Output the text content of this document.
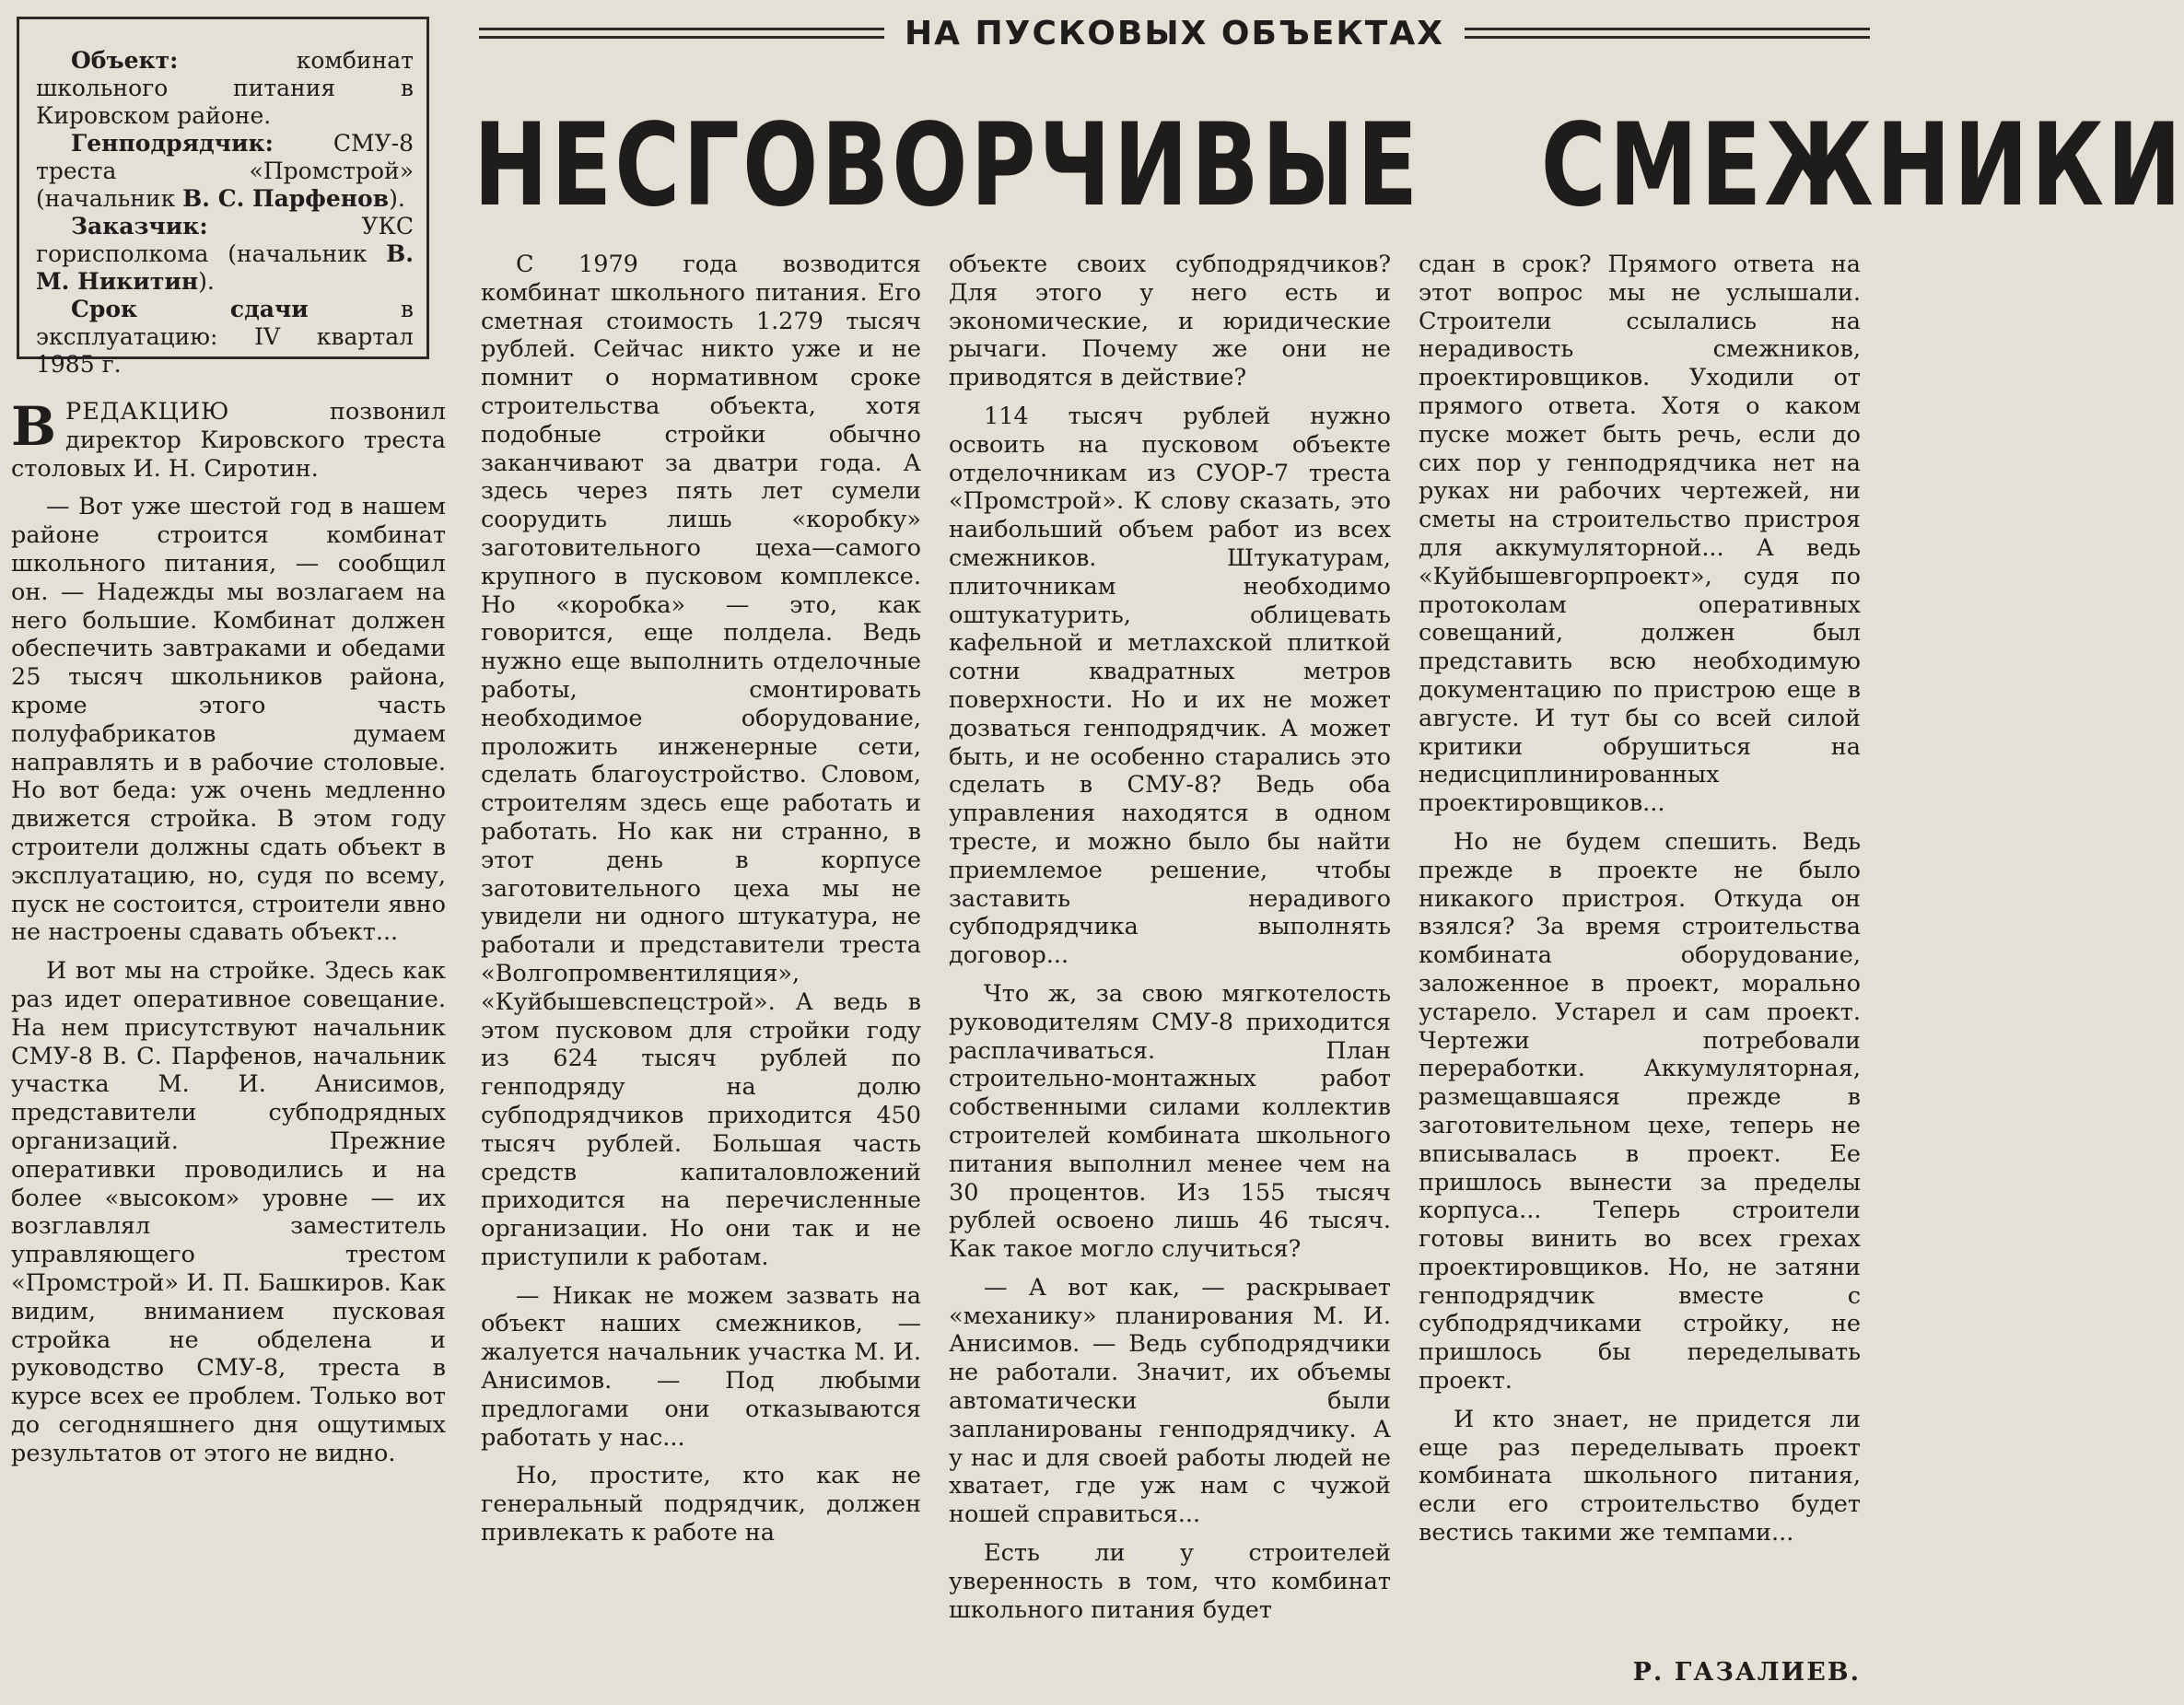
Объект: комбинат школьного питания в Кировском районе.

Генподрядчик: СМУ-8 треста «Промстрой» (начальник В. С. Парфенов).

Заказчик: УКС горисполкома (начальник В. М. Никитин).

Срок сдачи в эксплуатацию: IV квартал 1985 г.

НА ПУСКОВЫХ ОБЪЕКТАХ
НЕСГОВОРЧИВЫЕ СМЕЖНИКИ

ВРЕДАКЦИЮ позвонил директор Кировского треста столовых И. Н. Сиротин.

— Вот уже шестой год в нашем районе строится комбинат школьного питания, — сообщил он. — Надежды мы возлагаем на него большие. Комбинат должен обеспечить завтраками и обедами 25 тысяч школьников района, кроме этого часть полуфабрикатов думаем направлять и в рабочие столовые. Но вот беда: уж очень медленно движется стройка. В этом году строители должны сдать объект в эксплуатацию, но, судя по всему, пуск не состоится, строители явно не настроены сдавать объект...

И вот мы на стройке. Здесь как раз идет оперативное совещание. На нем присутствуют начальник СМУ-8 В. С. Парфенов, начальник участка М. И. Анисимов, представители субподрядных организаций. Прежние оперативки проводились и на более «высоком» уровне — их возглавлял заместитель управляющего трестом «Промстрой» И. П. Башкиров. Как видим, вниманием пусковая стройка не обделена и руководство СМУ-8, треста в курсе всех ее проблем. Только вот до сегодняшнего дня ощутимых результатов от этого не видно.

С 1979 года возводится комбинат школьного питания. Его сметная стоимость 1.279 тысяч рублей. Сейчас никто уже и не помнит о нормативном сроке строительства объекта, хотя подобные стройки обычно заканчивают за дватри года. А здесь через пять лет сумели соорудить лишь «коробку» заготовительного цеха—самого крупного в пусковом комплексе. Но «коробка» — это, как говорится, еще полдела. Ведь нужно еще выполнить отделочные работы, смонтировать необходимое оборудование, проложить инженерные сети, сделать благоустройство. Словом, строителям здесь еще работать и работать. Но как ни странно, в этот день в корпусе заготовительного цеха мы не увидели ни одного штукатура, не работали и представители треста «Волгопромвентиляция», «Куйбышевспецстрой». А ведь в этом пусковом для стройки году из 624 тысяч рублей по генподряду на долю субподрядчиков приходится 450 тысяч рублей. Большая часть средств капиталовложений приходится на перечисленные организации. Но они так и не приступили к работам.

— Никак не можем зазвать на объект наших смежников, — жалуется начальник участка М. И. Анисимов. — Под любыми предлогами они отказываются работать у нас...

Но, простите, кто как не генеральный подрядчик, должен привлекать к работе на

объекте своих субподрядчиков? Для этого у него есть и экономические, и юридические рычаги. Почему же они не приводятся в действие?

114 тысяч рублей нужно освоить на пусковом объекте отделочникам из СУОР-7 треста «Промстрой». К слову сказать, это наибольший объем работ из всех смежников. Штукатурам, плиточникам необходимо оштукатурить, облицевать кафельной и метлахской плиткой сотни квадратных метров поверхности. Но и их не может дозваться генподрядчик. А может быть, и не особенно старались это сделать в СМУ-8? Ведь оба управления находятся в одном тресте, и можно было бы найти приемлемое решение, чтобы заставить нерадивого субподрядчика выполнять договор...

Что ж, за свою мягкотелость руководителям СМУ-8 приходится расплачиваться. План строительно-монтажных работ собственными силами коллектив строителей комбината школьного питания выполнил менее чем на 30 процентов. Из 155 тысяч рублей освоено лишь 46 тысяч. Как такое могло случиться?

— А вот как, — раскрывает «механику» планирования М. И. Анисимов. — Ведь субподрядчики не работали. Значит, их объемы автоматически были запланированы генподрядчику. А у нас и для своей работы людей не хватает, где уж нам с чужой ношей справиться...

Есть ли у строителей уверенность в том, что комбинат школьного питания будет

сдан в срок? Прямого ответа на этот вопрос мы не услышали. Строители ссылались на нерадивость смежников, проектировщиков. Уходили от прямого ответа. Хотя о каком пуске может быть речь, если до сих пор у генподрядчика нет на руках ни рабочих чертежей, ни сметы на строительство пристроя для аккумуляторной... А ведь «Куйбышевгорпроект», судя по протоколам оперативных совещаний, должен был представить всю необходимую документацию по пристрою еще в августе. И тут бы со всей силой критики обрушиться на недисциплинированных проектировщиков...

Но не будем спешить. Ведь прежде в проекте не было никакого пристроя. Откуда он взялся? За время строительства комбината оборудование, заложенное в проект, морально устарело. Устарел и сам проект. Чертежи потребовали переработки. Аккумуляторная, размещавшаяся прежде в заготовительном цехе, теперь не вписывалась в проект. Ее пришлось вынести за пределы корпуса... Теперь строители готовы винить во всех грехах проектировщиков. Но, не затяни генподрядчик вместе с субподрядчиками стройку, не пришлось бы переделывать проект.

И кто знает, не придется ли еще раз переделывать проект комбината школьного питания, если его строительство будет вестись такими же темпами...

Р. ГАЗАЛИЕВ.
